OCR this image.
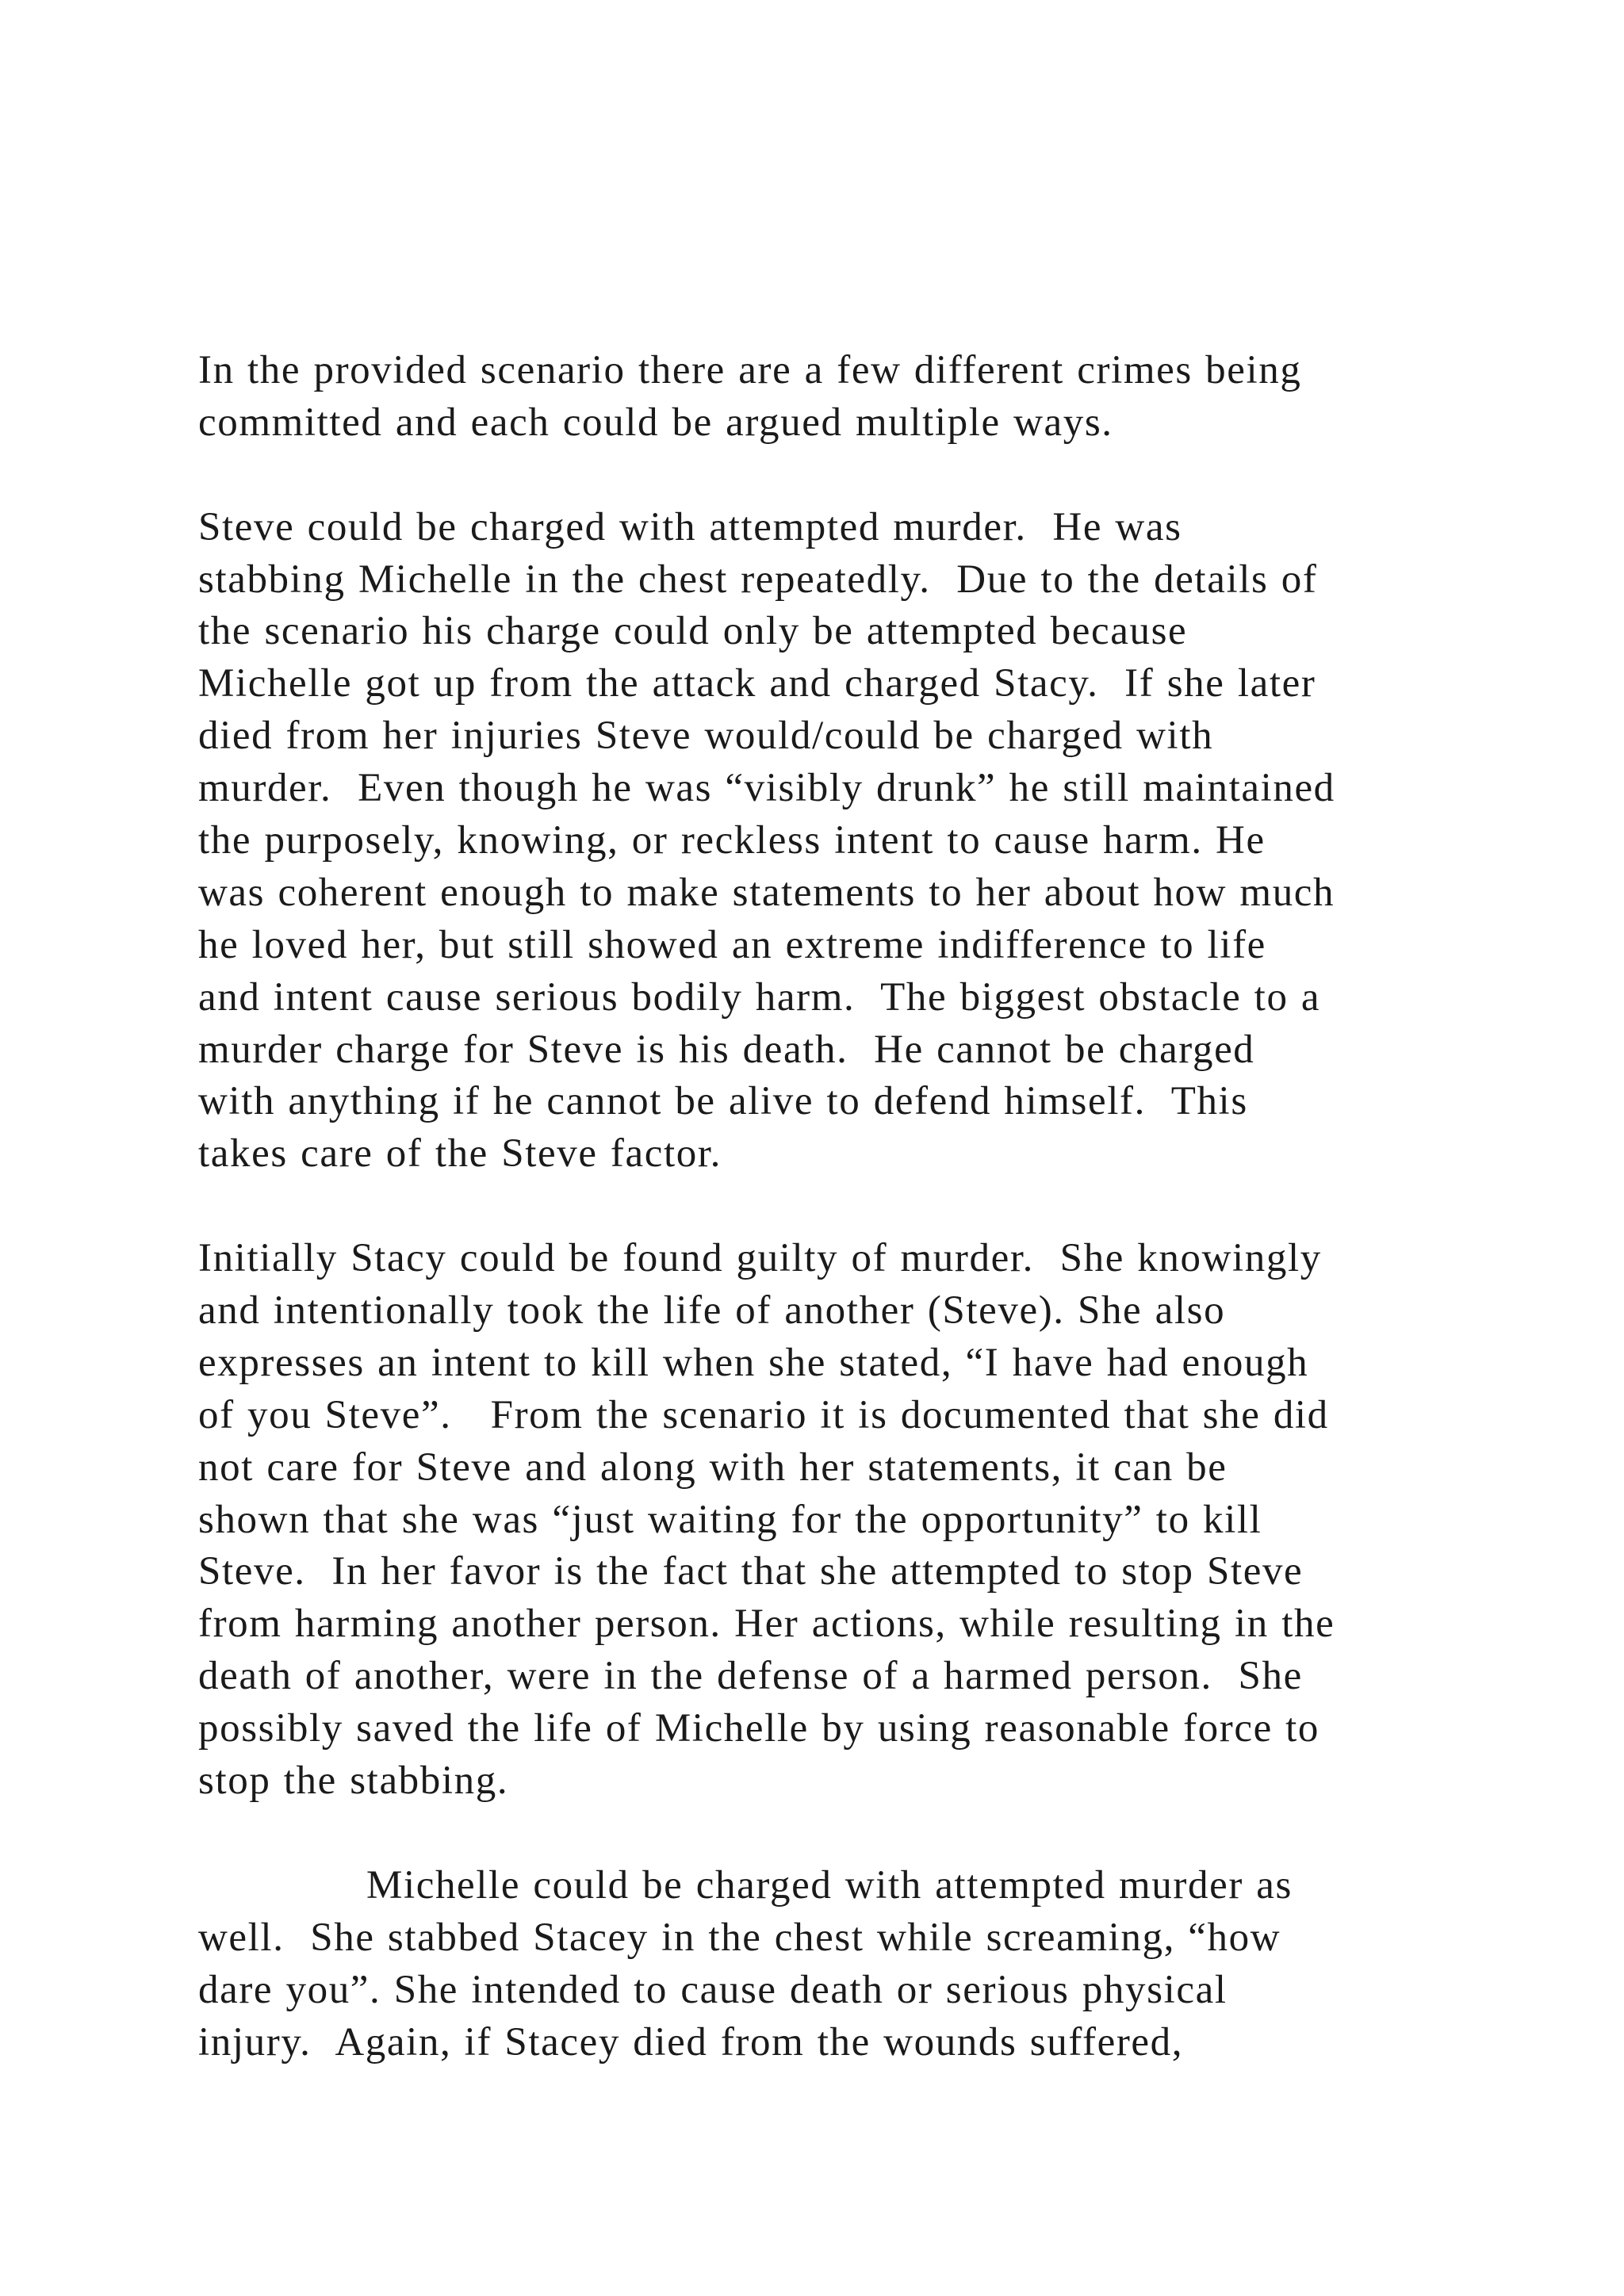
In the provided scenario there are a few different crimes being
committed and each could be argued multiple ways.
Steve could be charged with attempted murder.  He was
stabbing Michelle in the chest repeatedly.  Due to the details of
the scenario his charge could only be attempted because
Michelle got up from the attack and charged Stacy.  If she later
died from her injuries Steve would/could be charged with
murder.  Even though he was “visibly drunk” he still maintained
the purposely, knowing, or reckless intent to cause harm. He
was coherent enough to make statements to her about how much
he loved her, but still showed an extreme indifference to life
and intent cause serious bodily harm.  The biggest obstacle to a
murder charge for Steve is his death.  He cannot be charged
with anything if he cannot be alive to defend himself.  This
takes care of the Steve factor.
Initially Stacy could be found guilty of murder.  She knowingly
and intentionally took the life of another (Steve). She also
expresses an intent to kill when she stated, “I have had enough
of you Steve”.   From the scenario it is documented that she did
not care for Steve and along with her statements, it can be
shown that she was “just waiting for the opportunity” to kill
Steve.  In her favor is the fact that she attempted to stop Steve
from harming another person. Her actions, while resulting in the
death of another, were in the defense of a harmed person.  She
possibly saved the life of Michelle by using reasonable force to
stop the stabbing.
Michelle could be charged with attempted murder as
well.  She stabbed Stacey in the chest while screaming, “how
dare you”. She intended to cause death or serious physical
injury.  Again, if Stacey died from the wounds suffered,
